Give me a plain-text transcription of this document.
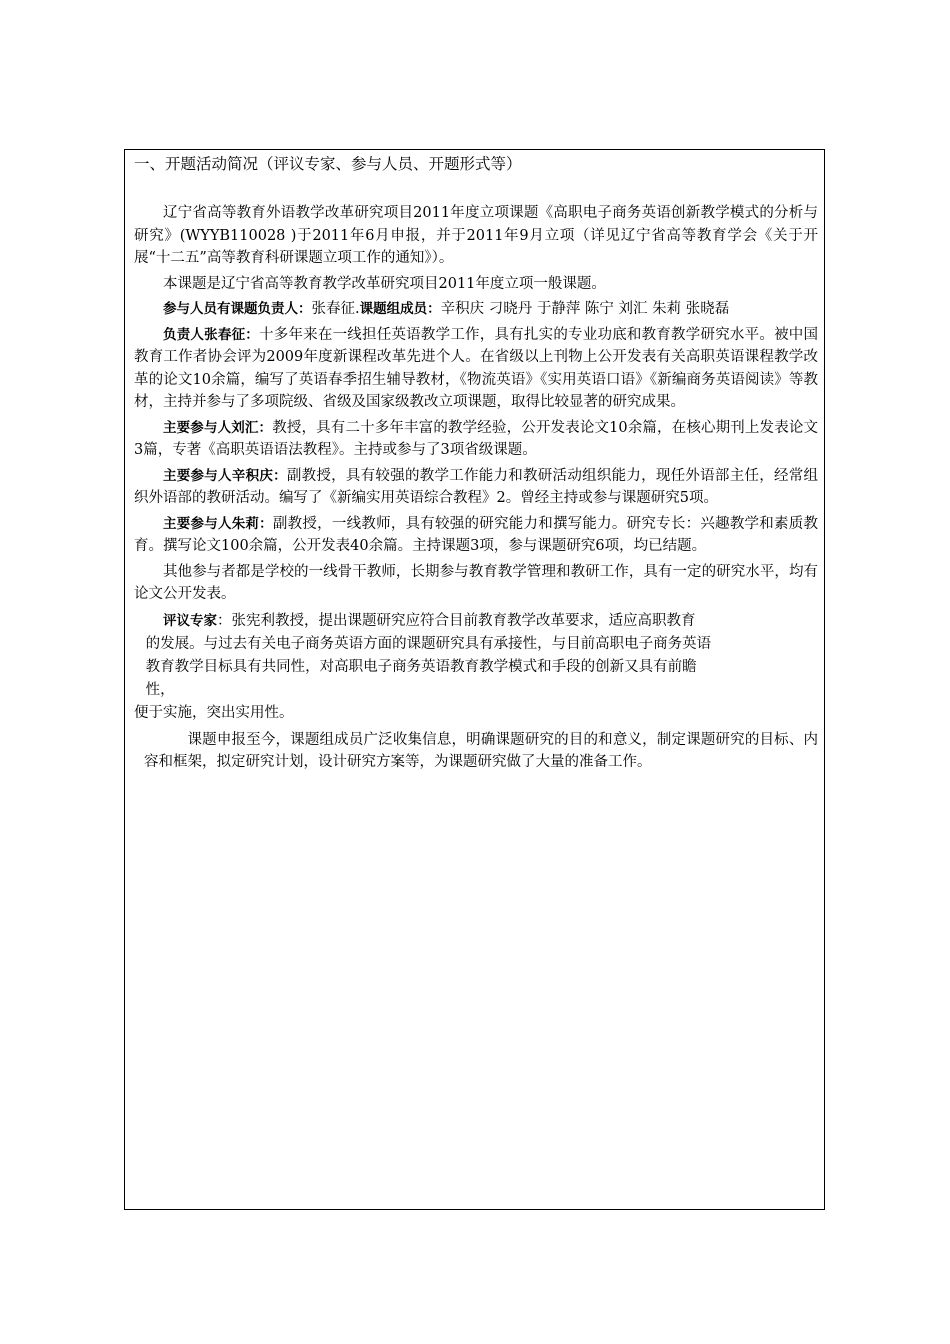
一、开题活动简况（评议专家、参与人员、开题形式等）

辽宁省高等教育外语教学改革研究项目2011年度立项课题《高职电子商务英语创新教学模式的分析与研究》(WYYB110028 )于2011年6月申报，并于2011年9月立项（详见辽宁省高等教育学会《关于开展“十二五”高等教育科研课题立项工作的通知》）。

本课题是辽宁省高等教育教学改革研究项目2011年度立项一般课题。

参与人员有课题负责人：张春征.课题组成员：辛积庆 刁晓丹 于静萍 陈宁 刘汇 朱莉 张晓磊

负责人张春征：十多年来在一线担任英语教学工作，具有扎实的专业功底和教育教学研究水平。被中国教育工作者协会评为2009年度新课程改革先进个人。在省级以上刊物上公开发表有关高职英语课程教学改革的论文10余篇，编写了英语春季招生辅导教材，《物流英语》《实用英语口语》《新编商务英语阅读》等教材，主持并参与了多项院级、省级及国家级教改立项课题，取得比较显著的研究成果。

主要参与人刘汇：教授，具有二十多年丰富的教学经验，公开发表论文10余篇，在核心期刊上发表论文3篇，专著《高职英语语法教程》。主持或参与了3项省级课题。

主要参与人辛积庆：副教授，具有较强的教学工作能力和教研活动组织能力，现任外语部主任，经常组织外语部的教研活动。编写了《新编实用英语综合教程》2。曾经主持或参与课题研究5项。

主要参与人朱莉：副教授，一线教师，具有较强的研究能力和撰写能力。研究专长：兴趣教学和素质教育。撰写论文100余篇，公开发表40余篇。主持课题3项，参与课题研究6项，均已结题。

其他参与者都是学校的一线骨干教师，长期参与教育教学管理和教研工作，具有一定的研究水平，均有论文公开发表。

评议专家：张宪利教授，提出课题研究应符合目前教育教学改革要求，适应高职教育
的发展。与过去有关电子商务英语方面的课题研究具有承接性，与目前高职电子商务英语
教育教学目标具有共同性，对高职电子商务英语教育教学模式和手段的创新又具有前瞻
性，
便于实施，突出实用性。

课题申报至今，课题组成员广泛收集信息，明确课题研究的目的和意义，制定课题研究的目标、内容和框架，拟定研究计划，设计研究方案等，为课题研究做了大量的准备工作。
